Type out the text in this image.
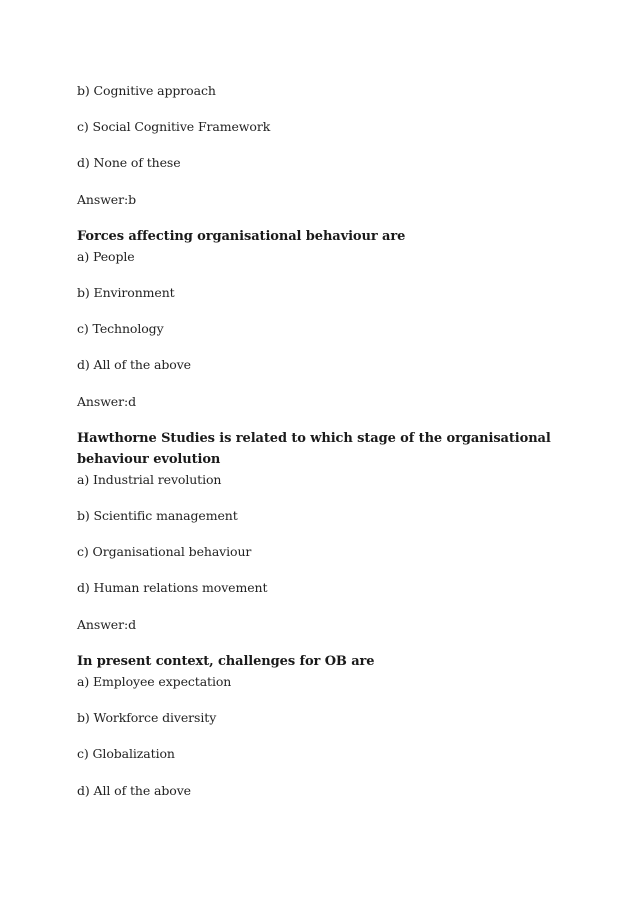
b) Cognitive approach
c) Social Cognitive Framework
d) None of these
Answer:b
Forces affecting organisational behaviour are
a) People
b) Environment
c) Technology
d) All of the above
Answer:d
Hawthorne Studies is related to which stage of the organisational behaviour evolution
a) Industrial revolution
b) Scientific management
c) Organisational behaviour
d) Human relations movement
Answer:d
In present context, challenges for OB are
a) Employee expectation
b) Workforce diversity
c) Globalization
d) All of the above
